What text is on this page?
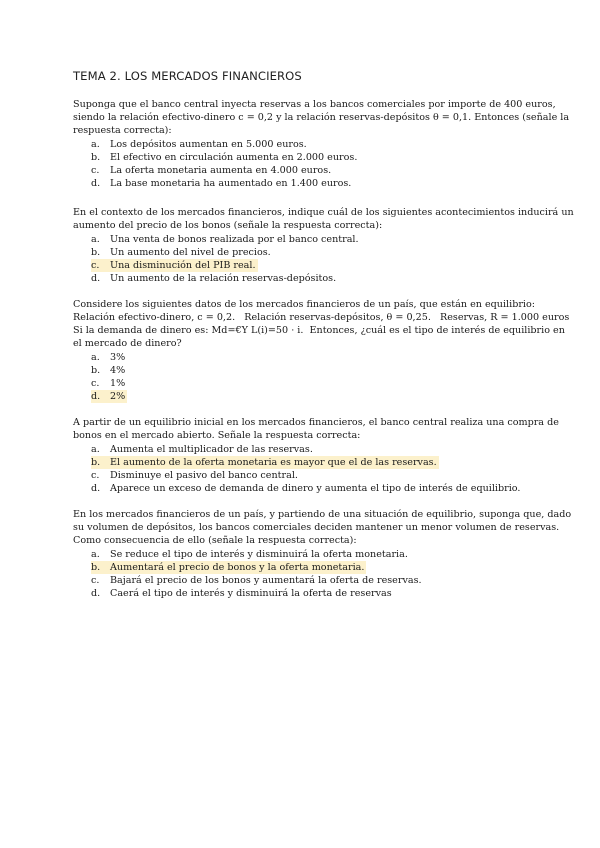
TEMA 2. LOS MERCADOS FINANCIEROS
Suponga que el banco central inyecta reservas a los bancos comerciales por importe de 400 euros,
siendo la relación efectivo-dinero c = 0,2 y la relación reservas-depósitos θ = 0,1. Entonces (señale la
respuesta correcta):
a.	Los depósitos aumentan en 5.000 euros.
b.	El efectivo en circulación aumenta en 2.000 euros.
c.	La oferta monetaria aumenta en 4.000 euros.
d.	La base monetaria ha aumentado en 1.400 euros.
En el contexto de los mercados financieros, indique cuál de los siguientes acontecimientos inducirá un
aumento del precio de los bonos (señale la respuesta correcta):
a.	Una venta de bonos realizada por el banco central.
b.	Un aumento del nivel de precios.
c.	Una disminución del PIB real.
d.	Un aumento de la relación reservas-depósitos.
Considere los siguientes datos de los mercados financieros de un país, que están en equilibrio:
Relación efectivo-dinero, c = 0,2.   Relación reservas-depósitos, θ = 0,25.   Reservas, R = 1.000 euros
Si la demanda de dinero es: Md=€Y L(i)=50 · i.  Entonces, ¿cuál es el tipo de interés de equilibrio en
el mercado de dinero?
a.	3%
b.	4%
c.	1%
d.	2%
A partir de un equilibrio inicial en los mercados financieros, el banco central realiza una compra de
bonos en el mercado abierto. Señale la respuesta correcta:
a.	Aumenta el multiplicador de las reservas.
b.	El aumento de la oferta monetaria es mayor que el de las reservas.
c.	Disminuye el pasivo del banco central.
d.	Aparece un exceso de demanda de dinero y aumenta el tipo de interés de equilibrio.
En los mercados financieros de un país, y partiendo de una situación de equilibrio, suponga que, dado
su volumen de depósitos, los bancos comerciales deciden mantener un menor volumen de reservas.
Como consecuencia de ello (señale la respuesta correcta):
a.	Se reduce el tipo de interés y disminuirá la oferta monetaria.
b.	Aumentará el precio de bonos y la oferta monetaria.
c.	Bajará el precio de los bonos y aumentará la oferta de reservas.
d.	Caerá el tipo de interés y disminuirá la oferta de reservas
